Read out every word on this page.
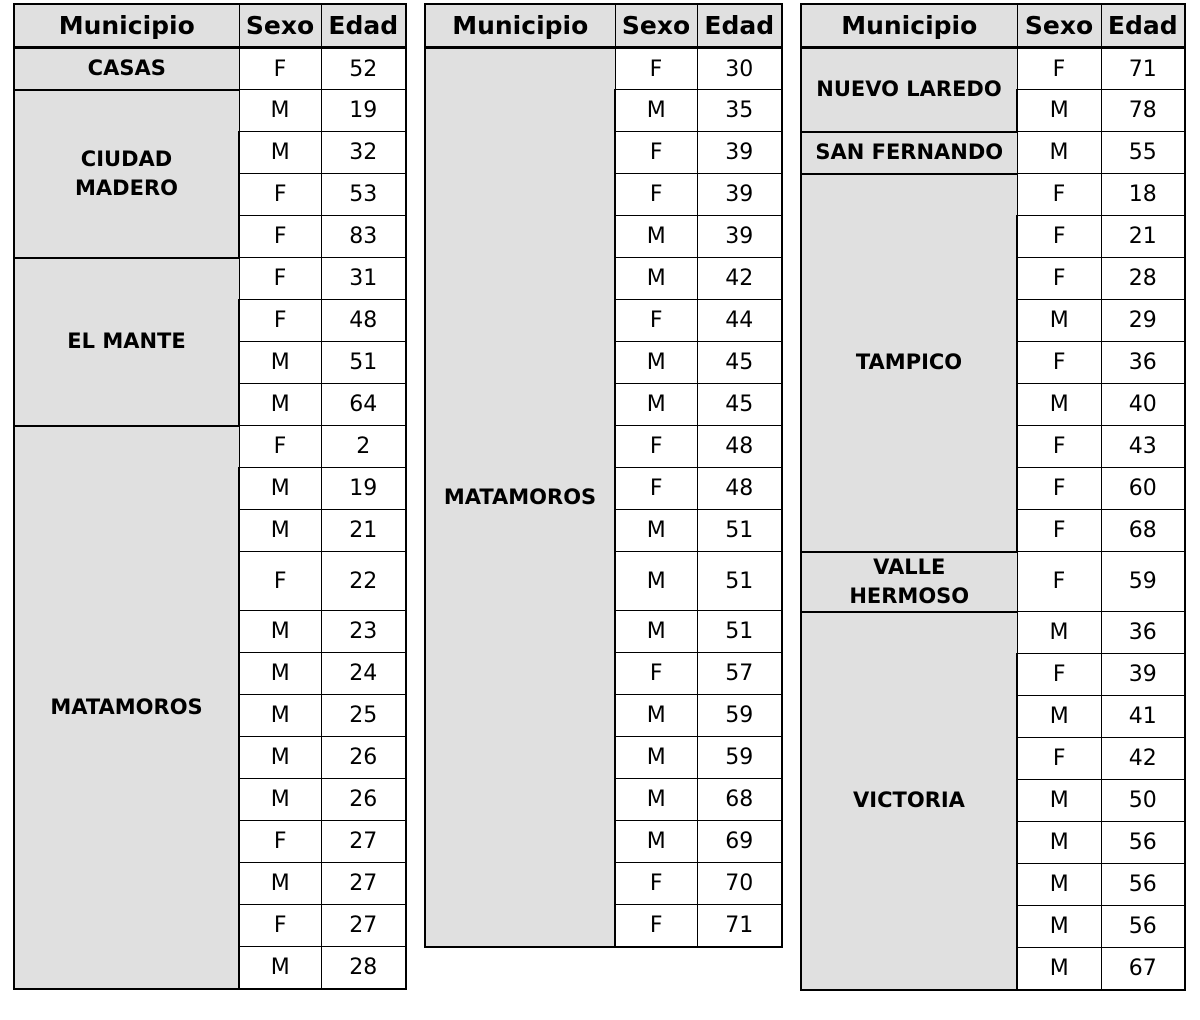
Municipio	Sexo	Edad
CASAS	F	52
CIUDAD MADERO	M	19
	M	32
	F	53
	F	83
EL MANTE	F	31
	F	48
	M	51
	M	64
MATAMOROS	F	2
	M	19
	M	21
	F	22
	M	23
	M	24
	M	25
	M	26
	M	26
	F	27
	M	27
	F	27
	M	28
Municipio	Sexo	Edad
MATAMOROS	F	30
	M	35
	F	39
	F	39
	M	39
	M	42
	F	44
	M	45
	M	45
	F	48
	F	48
	M	51
	M	51
	M	51
	F	57
	M	59
	M	59
	M	68
	M	69
	F	70
	F	71
Municipio	Sexo	Edad
NUEVO LAREDO	F	71
	M	78
SAN FERNANDO	M	55
TAMPICO	F	18
	F	21
	F	28
	M	29
	F	36
	M	40
	F	43
	F	60
	F	68
VALLE HERMOSO	F	59
VICTORIA	M	36
	F	39
	M	41
	F	42
	M	50
	M	56
	M	56
	M	56
	M	67
